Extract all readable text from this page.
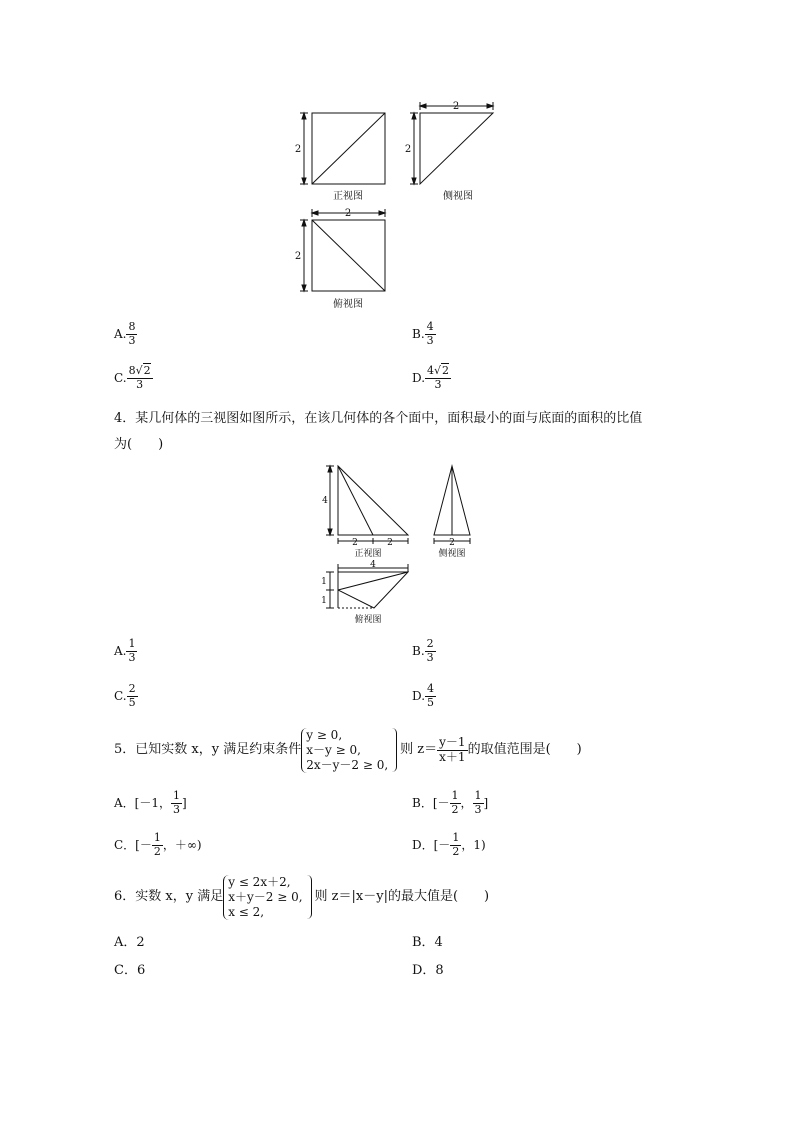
2
正视图
2
2
侧视图
2
2
俯视图
A. $\frac{8}{3}$	B. $\frac{4}{3}$
C. $\frac{8√2}{3}$	D. $\frac{4√2}{3}$
4．某几何体的三视图如图所示，在该几何体的各个面中，面积最小的面与底面的面积的比值
为(　　)
4
2	2
正视图
2
侧视图
4
1
1
俯视图
A. $\frac{1}{3}$	B. $\frac{2}{3}$
C. $\frac{2}{5}$	D. $\frac{4}{5}$
5．已知实数 x，y 满足约束条件
y ≥ 0,
x－y ≥ 0,
2x－y－2 ≥ 0,
则 $z= \frac{y-1}{x+1}$ 的取值范围是(　　)
A．[－1， $\frac{1}{3}$ ]	B．[－ $\frac{1}{2}$ ， $\frac{1}{3}$ ]
C．[－ $\frac{1}{2}$ ，＋∞)	D．[－ $\frac{1}{2}$ ，1)
6．实数 x，y 满足
y ≤ 2x＋2,
x＋y－2 ≥ 0,
x ≤ 2,
则 z＝|x－y|的最大值是(　　)
A．2	B．4
C．6	D．8
